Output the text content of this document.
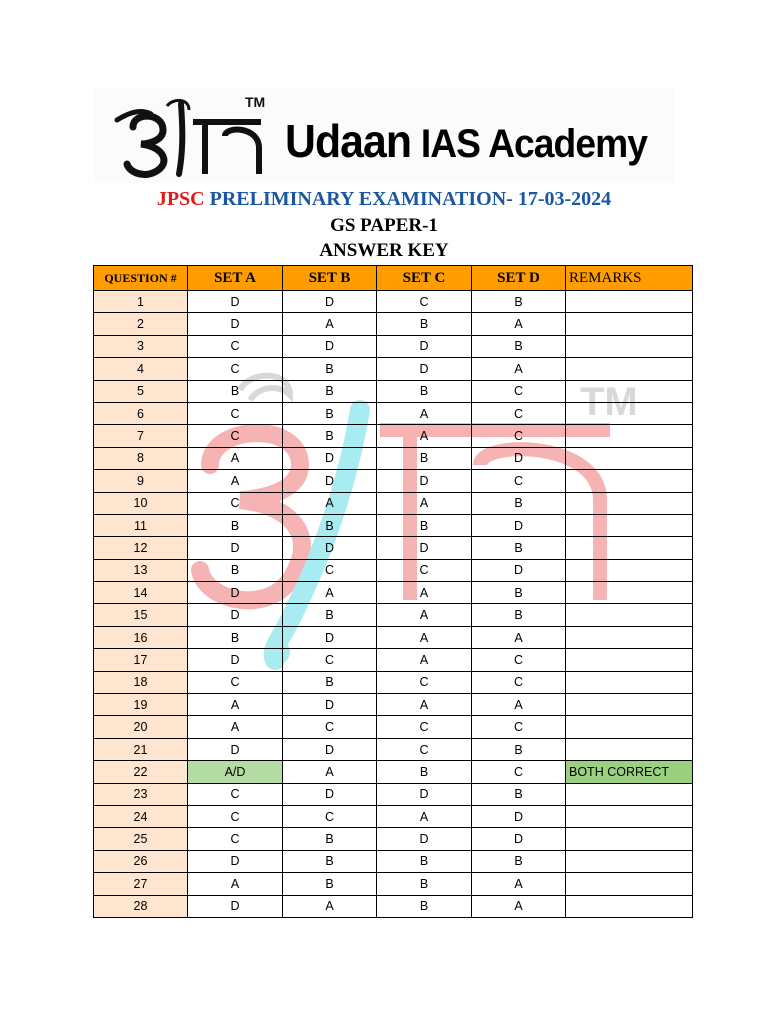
TM
TM
Udaan IAS Academy
JPSC PRELIMINARY EXAMINATION- 17-03-2024
GS PAPER-1
ANSWER KEY
QUESTION #	SET A	SET B	SET C	SET D	REMARKS
1	D	D	C	B	
2	D	A	B	A	
3	C	D	D	B	
4	C	B	D	A	
5	B	B	B	C	
6	C	B	A	C	
7	C	B	A	C	
8	A	D	B	D	
9	A	D	D	C	
10	C	A	A	B	
11	B	B	B	D	
12	D	D	D	B	
13	B	C	C	D	
14	D	A	A	B	
15	D	B	A	B	
16	B	D	A	A	
17	D	C	A	C	
18	C	B	C	C	
19	A	D	A	A	
20	A	C	C	C	
21	D	D	C	B	
22	A/D	A	B	C	BOTH CORRECT
23	C	D	D	B	
24	C	C	A	D	
25	C	B	D	D	
26	D	B	B	B	
27	A	B	B	A	
28	D	A	B	A	
